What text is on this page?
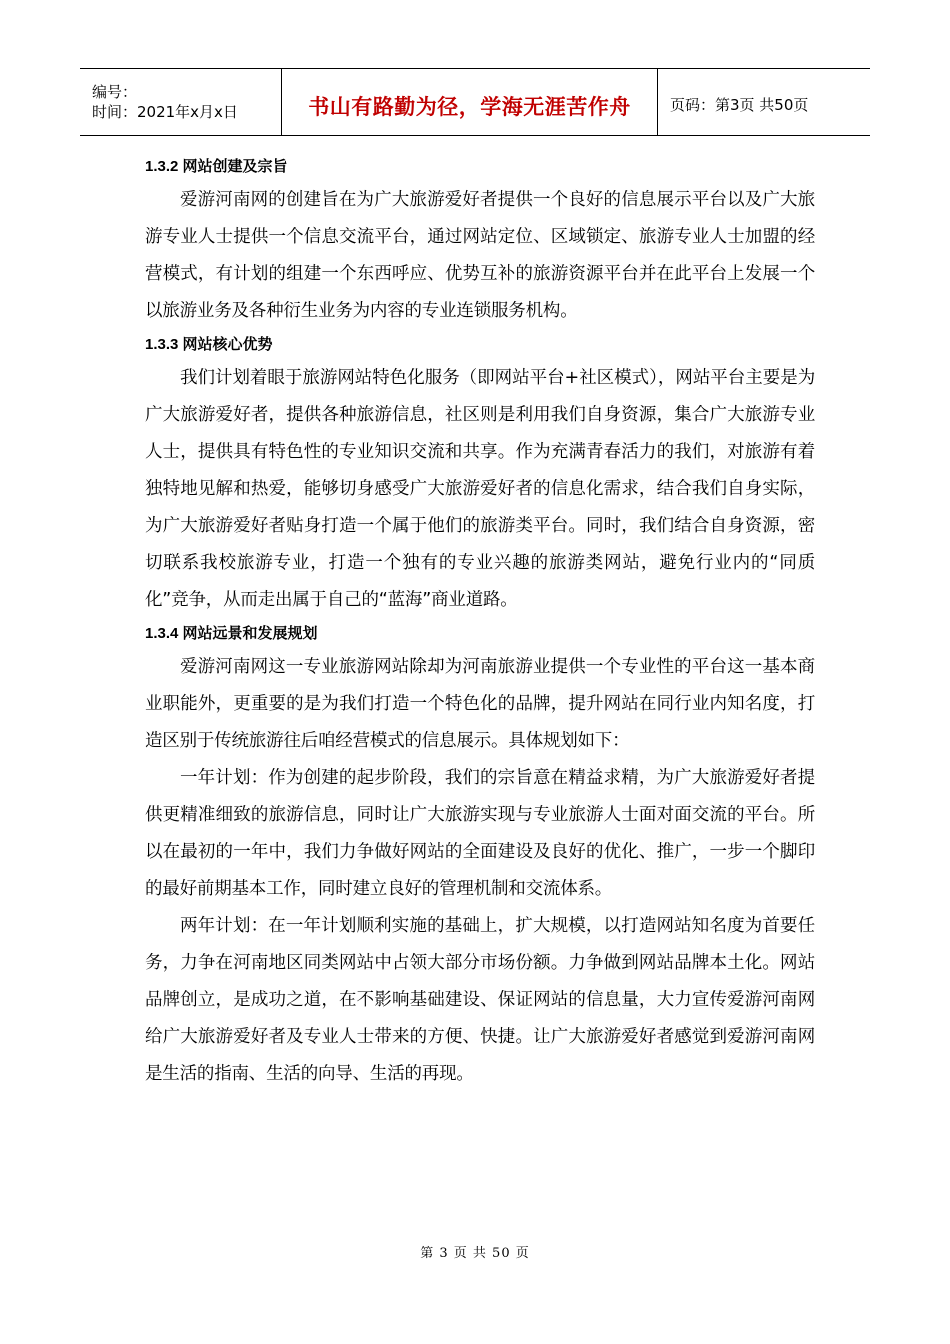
编号：
时间：2021年x月x日	书山有路勤为径，学海无涯苦作舟	页码：第3页 共50页
1.3.2 网站创建及宗旨

爱游河南网的创建旨在为广大旅游爱好者提供一个良好的信息展示平台以及广大旅游专业人士提供一个信息交流平台，通过网站定位、区域锁定、旅游专业人士加盟的经营模式，有计划的组建一个东西呼应、优势互补的旅游资源平台并在此平台上发展一个以旅游业务及各种衍生业务为内容的专业连锁服务机构。

1.3.3 网站核心优势

我们计划着眼于旅游网站特色化服务（即网站平台+社区模式），网站平台主要是为广大旅游爱好者，提供各种旅游信息，社区则是利用我们自身资源，集合广大旅游专业人士，提供具有特色性的专业知识交流和共享。作为充满青春活力的我们，对旅游有着独特地见解和热爱，能够切身感受广大旅游爱好者的信息化需求，结合我们自身实际，为广大旅游爱好者贴身打造一个属于他们的旅游类平台。同时，我们结合自身资源，密切联系我校旅游专业，打造一个独有的专业兴趣的旅游类网站，避免行业内的“同质化”竞争，从而走出属于自己的“蓝海”商业道路。

1.3.4 网站远景和发展规划

爱游河南网这一专业旅游网站除却为河南旅游业提供一个专业性的平台这一基本商业职能外，更重要的是为我们打造一个特色化的品牌，提升网站在同行业内知名度，打造区别于传统旅游往后咱经营模式的信息展示。具体规划如下：

一年计划：作为创建的起步阶段，我们的宗旨意在精益求精，为广大旅游爱好者提供更精准细致的旅游信息，同时让广大旅游实现与专业旅游人士面对面交流的平台。所以在最初的一年中，我们力争做好网站的全面建设及良好的优化、推广，一步一个脚印的最好前期基本工作，同时建立良好的管理机制和交流体系。

两年计划：在一年计划顺利实施的基础上，扩大规模，以打造网站知名度为首要任务，力争在河南地区同类网站中占领大部分市场份额。力争做到网站品牌本土化。网站品牌创立，是成功之道，在不影响基础建设、保证网站的信息量，大力宣传爱游河南网给广大旅游爱好者及专业人士带来的方便、快捷。让广大旅游爱好者感觉到爱游河南网是生活的指南、生活的向导、生活的再现。

第 3 页 共 50 页
